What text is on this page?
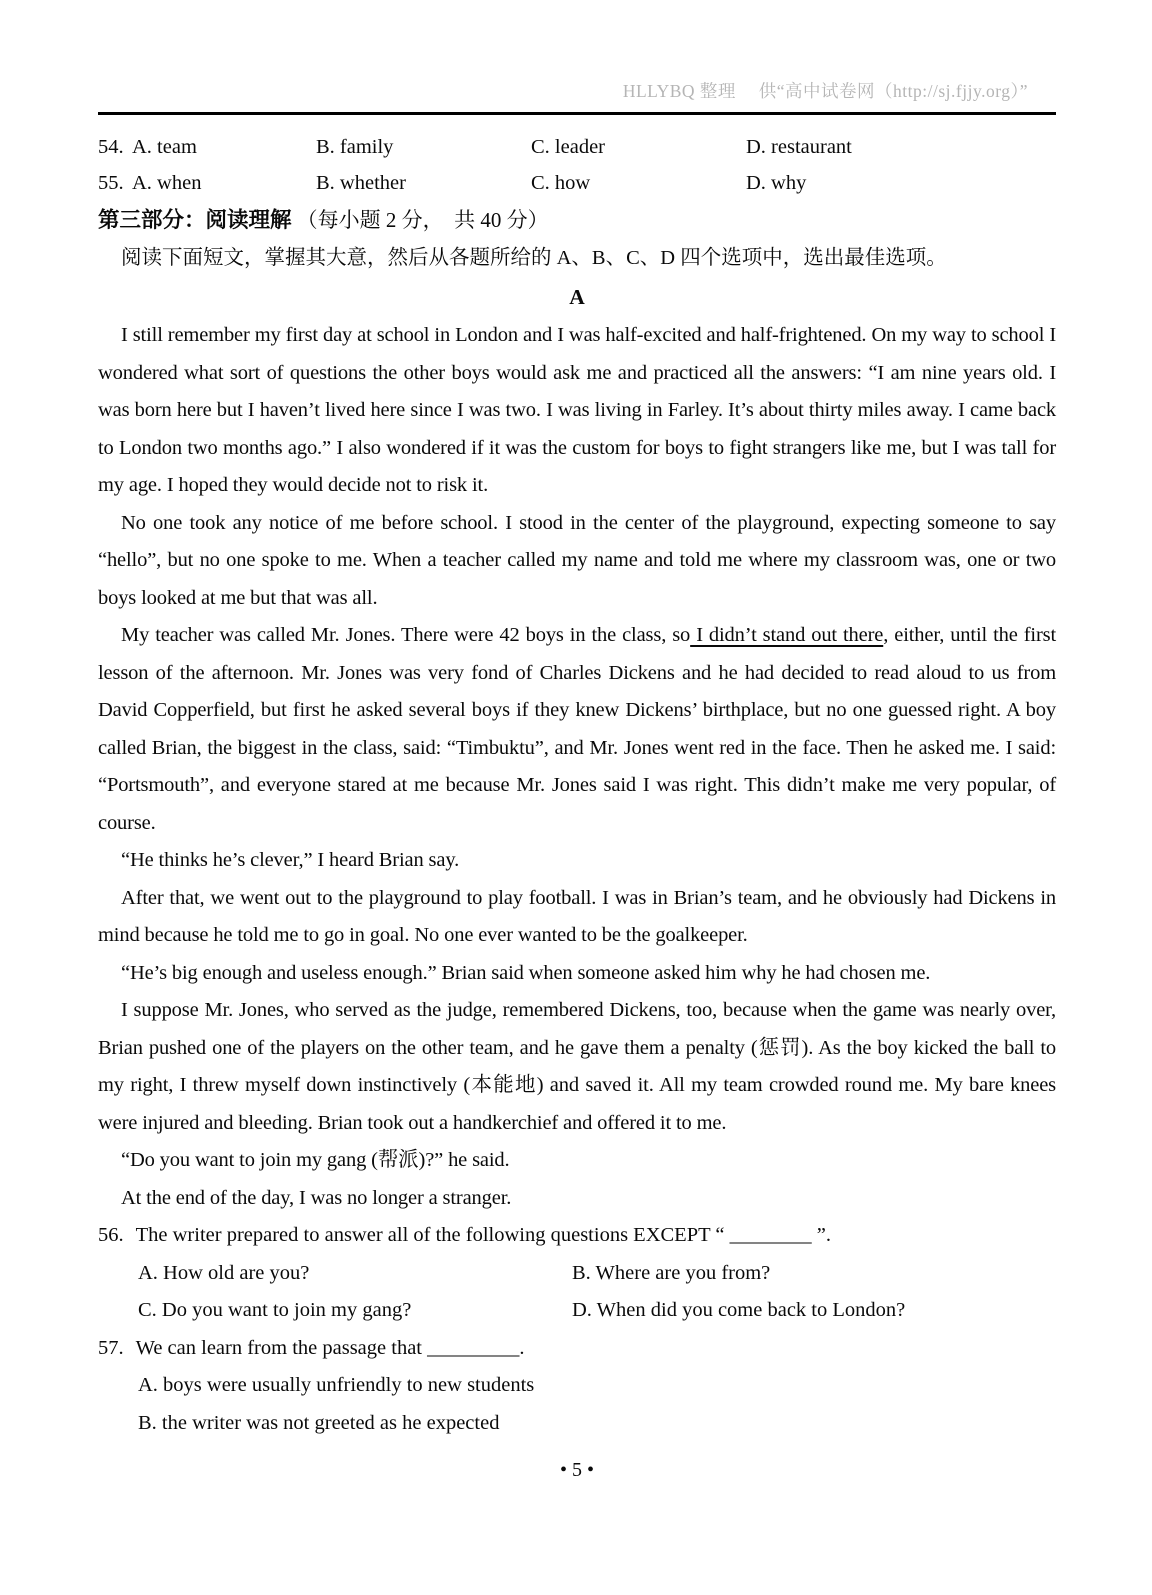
HLLYBQ 整理　 供“高中试卷网（http://sj.fjjy.org）”
54. A. team	B. family	C. leader	D. restaurant
55. A. when	B. whether	C. how	D. why
第三部分：阅读理解 （每小题 2 分，　共 40 分）
阅读下面短文，掌握其大意，然后从各题所给的 A、B、C、D 四个选项中，选出最佳选项。
A

I still remember my first day at school in London and I was half-excited and half-frightened. On my way to school I wondered what sort of questions the other boys would ask me and practiced all the answers: “I am nine years old. I was born here but I haven’t lived here since I was two. I was living in Farley. It’s about thirty miles away. I came back to London two months ago.” I also wondered if it was the custom for boys to fight strangers like me, but I was tall for my age. I hoped they would decide not to risk it.

No one took any notice of me before school. I stood in the center of the playground, expecting someone to say “hello”, but no one spoke to me. When a teacher called my name and told me where my classroom was, one or two boys looked at me but that was all.

My teacher was called Mr. Jones. There were 42 boys in the class, so I didn’t stand out there, either, until the first lesson of the afternoon. Mr. Jones was very fond of Charles Dickens and he had decided to read aloud to us from David Copperfield, but first he asked several boys if they knew Dickens’ birthplace, but no one guessed right. A boy called Brian, the biggest in the class, said: “Timbuktu”, and Mr. Jones went red in the face. Then he asked me. I said: “Portsmouth”, and everyone stared at me because Mr. Jones said I was right. This didn’t make me very popular, of course.

“He thinks he’s clever,” I heard Brian say.

After that, we went out to the playground to play football. I was in Brian’s team, and he obviously had Dickens in mind because he told me to go in goal. No one ever wanted to be the goalkeeper.

“He’s big enough and useless enough.” Brian said when someone asked him why he had chosen me.

I suppose Mr. Jones, who served as the judge, remembered Dickens, too, because when the game was nearly over, Brian pushed one of the players on the other team, and he gave them a penalty (惩罚). As the boy kicked the ball to my right, I threw myself down instinctively (本能地) and saved it. All my team crowded round me. My bare knees were injured and bleeding. Brian took out a handkerchief and offered it to me.

“Do you want to join my gang (帮派)?” he said.

At the end of the day, I was no longer a stranger.

56. The writer prepared to answer all of the following questions EXCEPT “ ________ ”.
A. How old are you?	B. Where are you from?
C. Do you want to join my gang?	D. When did you come back to London?
57. We can learn from the passage that _________.
A. boys were usually unfriendly to new students
B. the writer was not greeted as he expected
• 5 •
